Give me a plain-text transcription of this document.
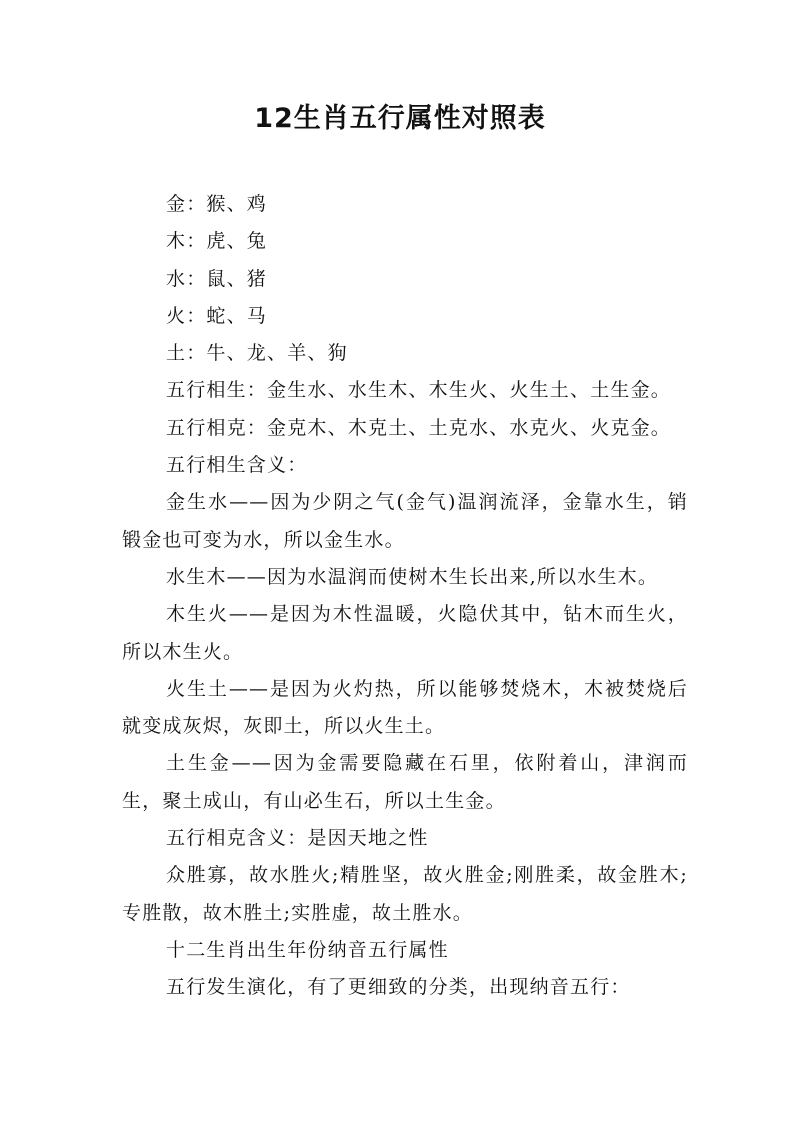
12生肖五行属性对照表

金：猴、鸡

木：虎、兔

水：鼠、猪

火：蛇、马

土：牛、龙、羊、狗

五行相生：金生水、水生木、木生火、火生土、土生金。

五行相克：金克木、木克土、土克水、水克火、火克金。

五行相生含义：

金生水——因为少阴之气(金气)温润流泽，金靠水生，销锻金也可变为水，所以金生水。

水生木——因为水温润而使树木生长出来,所以水生木。

木生火——是因为木性温暖，火隐伏其中，钻木而生火，所以木生火。

火生土——是因为火灼热，所以能够焚烧木，木被焚烧后就变成灰烬，灰即土，所以火生土。

土生金——因为金需要隐藏在石里，依附着山，津润而生，聚土成山，有山必生石，所以土生金。

五行相克含义：是因天地之性

众胜寡，故水胜火;精胜坚，故火胜金;刚胜柔，故金胜木;专胜散，故木胜土;实胜虚，故土胜水。

十二生肖出生年份纳音五行属性

五行发生演化，有了更细致的分类，出现纳音五行：
